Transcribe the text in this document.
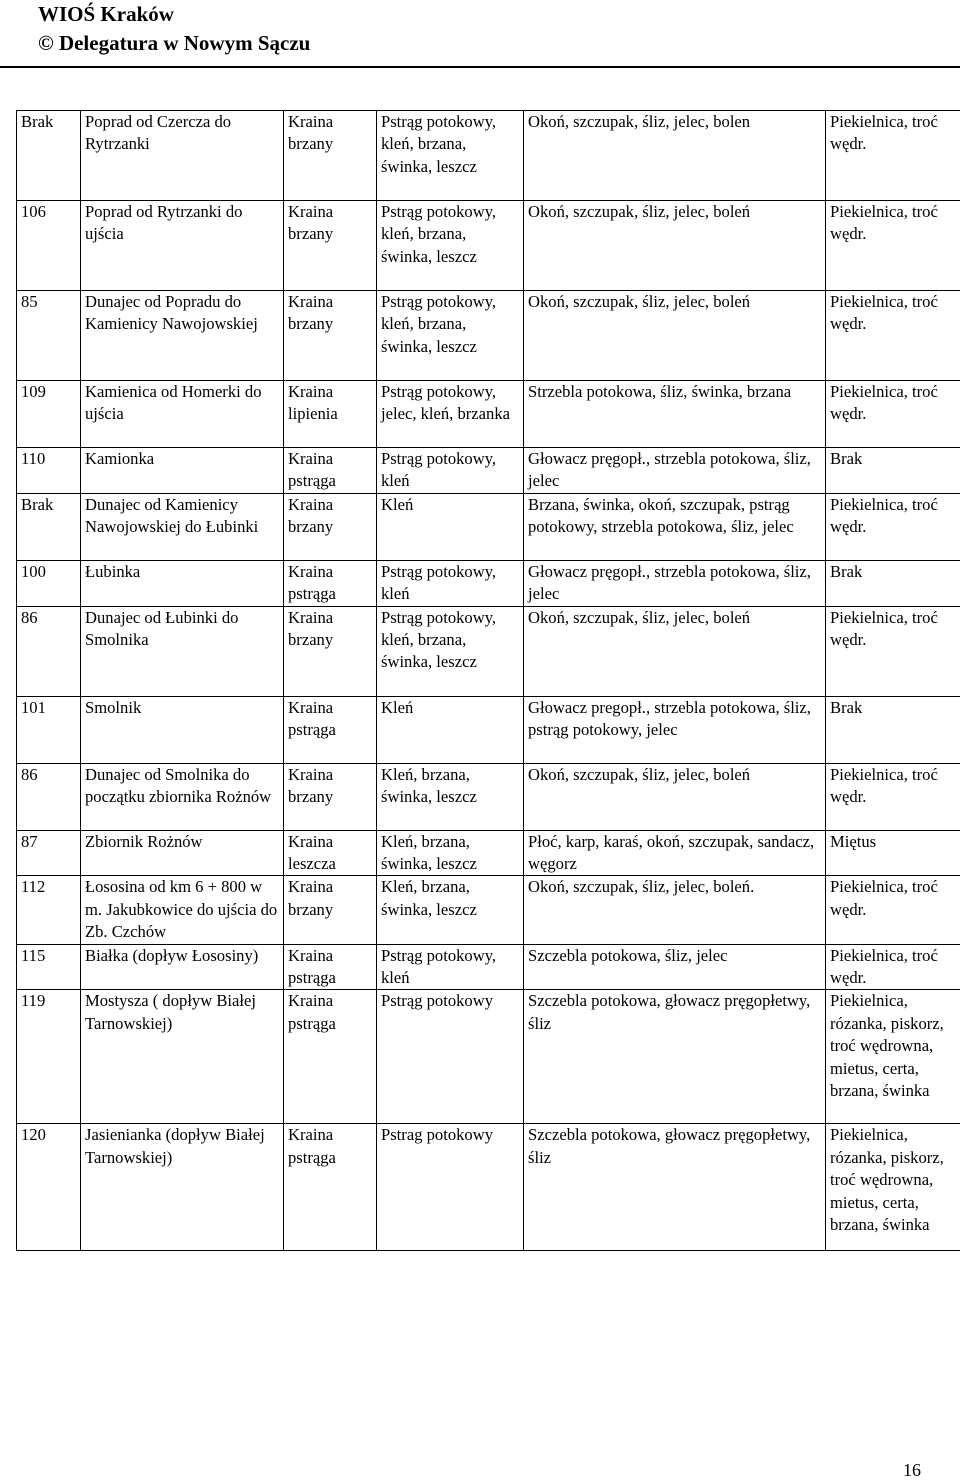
WIOŚ Kraków
© Delegatura w Nowym Sączu
Brak	Poprad od Czercza do Rytrzanki	Kraina brzany	Pstrąg potokowy, kleń, brzana, świnka, leszcz	Okoń, szczupak, śliz, jelec, bolen	Piekielnica, troć wędr.
106	Poprad od Rytrzanki do ujścia	Kraina brzany	Pstrąg potokowy, kleń, brzana, świnka, leszcz	Okoń, szczupak, śliz, jelec, boleń	Piekielnica, troć wędr.
85	Dunajec od Popradu do Kamienicy Nawojowskiej	Kraina brzany	Pstrąg potokowy, kleń, brzana, świnka, leszcz	Okoń, szczupak, śliz, jelec, boleń	Piekielnica, troć wędr.
109	Kamienica od Homerki do ujścia	Kraina lipienia	Pstrąg potokowy, jelec, kleń, brzanka	Strzebla potokowa, śliz, świnka, brzana	Piekielnica, troć wędr.
110	Kamionka	Kraina pstrąga	Pstrąg potokowy, kleń	Głowacz pręgopł., strzebla potokowa, śliz, jelec	Brak
Brak	Dunajec od Kamienicy Nawojowskiej do Łubinki	Kraina brzany	Kleń	Brzana, świnka, okoń, szczupak, pstrąg potokowy, strzebla potokowa, śliz, jelec	Piekielnica, troć wędr.
100	Łubinka	Kraina pstrąga	Pstrąg potokowy, kleń	Głowacz pręgopł., strzebla potokowa, śliz, jelec	Brak
86	Dunajec od Łubinki do Smolnika	Kraina brzany	Pstrąg potokowy, kleń, brzana, świnka, leszcz	Okoń, szczupak, śliz, jelec, boleń	Piekielnica, troć wędr.
101	Smolnik	Kraina pstrąga	Kleń	Głowacz pregopł., strzebla potokowa, śliz, pstrąg potokowy, jelec	Brak
86	Dunajec od Smolnika do początku zbiornika Rożnów	Kraina brzany	Kleń, brzana, świnka, leszcz	Okoń, szczupak, śliz, jelec, boleń	Piekielnica, troć wędr.
87	Zbiornik Rożnów	Kraina leszcza	Kleń, brzana, świnka, leszcz	Płoć, karp, karaś, okoń, szczupak, sandacz, węgorz	Miętus
112	Łososina od km 6 + 800 w m. Jakubkowice do ujścia do Zb. Czchów	Kraina brzany	Kleń, brzana, świnka, leszcz	Okoń, szczupak, śliz, jelec, boleń.	Piekielnica, troć wędr.
115	Białka (dopływ Łososiny)	Kraina pstrąga	Pstrąg potokowy, kleń	Szczebla potokowa, śliz, jelec	Piekielnica, troć wędr.
119	Mostysza ( dopływ Białej Tarnowskiej)	Kraina pstrąga	Pstrąg potokowy	Szczebla potokowa, głowacz pręgopłetwy, śliz	Piekielnica, rózanka, piskorz, troć wędrowna, mietus, certa, brzana, świnka
120	Jasienianka (dopływ Białej Tarnowskiej)	Kraina pstrąga	Pstrag potokowy	Szczebla potokowa, głowacz pręgopłetwy, śliz	Piekielnica, rózanka, piskorz, troć wędrowna, mietus, certa, brzana, świnka
16
